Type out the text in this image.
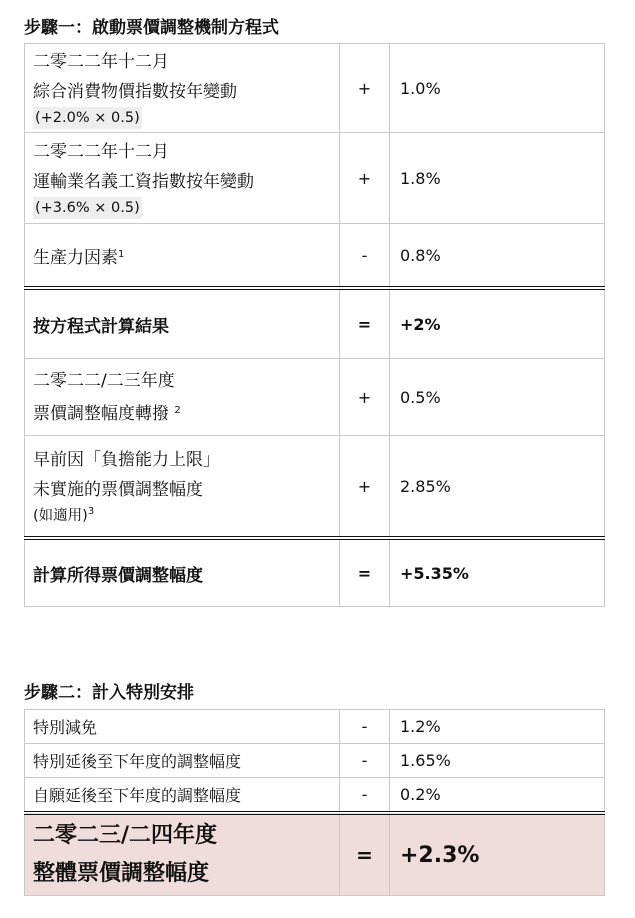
步驟一：啟動票價調整機制方程式
二零二二年十二月
綜合消費物價指數按年變動
(+2.0% × 0.5)	+	1.0%

二零二二年十二月
運輸業名義工資指數按年變動
(+3.6% × 0.5)	+	1.8%
生產力因素$^1$	-	0.8%
按方程式計算結果	=	+2%

二零二二/二三年度
票價調整幅度轉撥 $^2$	+	0.5%

早前因「負擔能力上限」
未實施的票價調整幅度
(如適用)$^3$	+	2.85%
計算所得票價調整幅度	=	+5.35%
步驟二：計入特別安排
特別減免	-	1.2%
特別延後至下年度的調整幅度	-	1.65%
自願延後至下年度的調整幅度	-	0.2%

二零二三/二四年度
整體票價調整幅度	=	+2.3%
